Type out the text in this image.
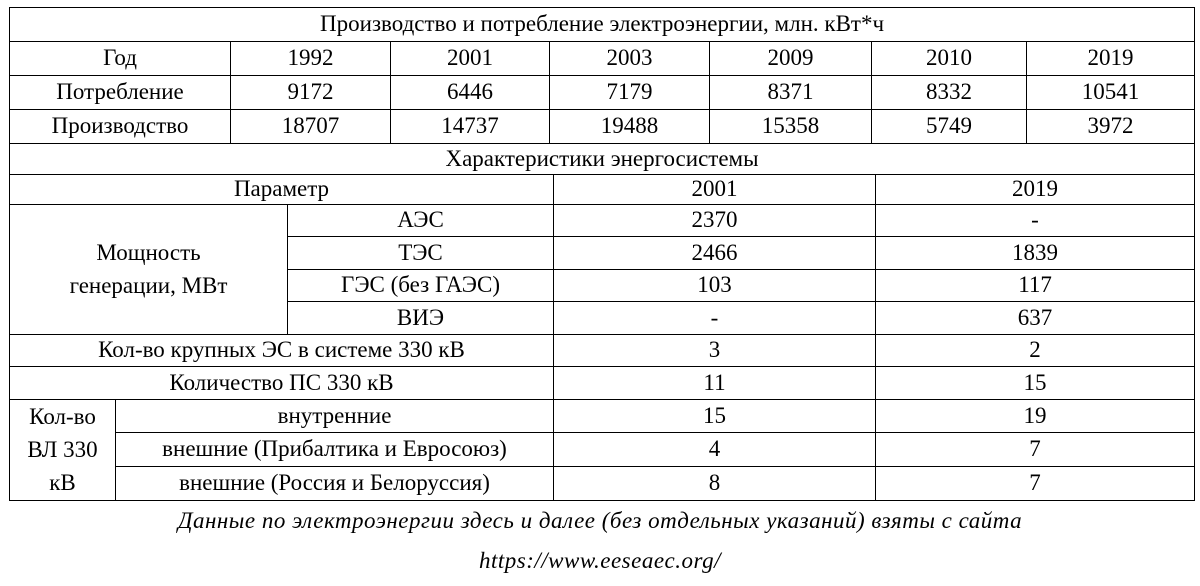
Производство и потребление электроэнергии, млн. кВт*ч						
Год	1992	2001	2003	2009	2010	2019
Потребление	9172	6446	7179	8371	8332	10541
Производство	18707	14737	19488	15358	5749	3972
Характеристики энергосистемы				
Параметр			2001	2019
Мощность генерации, МВт		АЭС	2370	-
		ТЭС	2466	1839
		ГЭС (без ГАЭС)	103	117
		ВИЭ	-	637
Кол-во крупных ЭС в системе 330 кВ			3	2
Количество ПС 330 кВ			11	15
Кол-во ВЛ 330 кВ	внутренние		15	19
	внешние (Прибалтика и Евросоюз)		4	7
	внешние (Россия и Белоруссия)		8	7
Данные по электроэнергии здесь и далее (без отдельных указаний) взяты с сайта
https://www.eeseaec.org/
